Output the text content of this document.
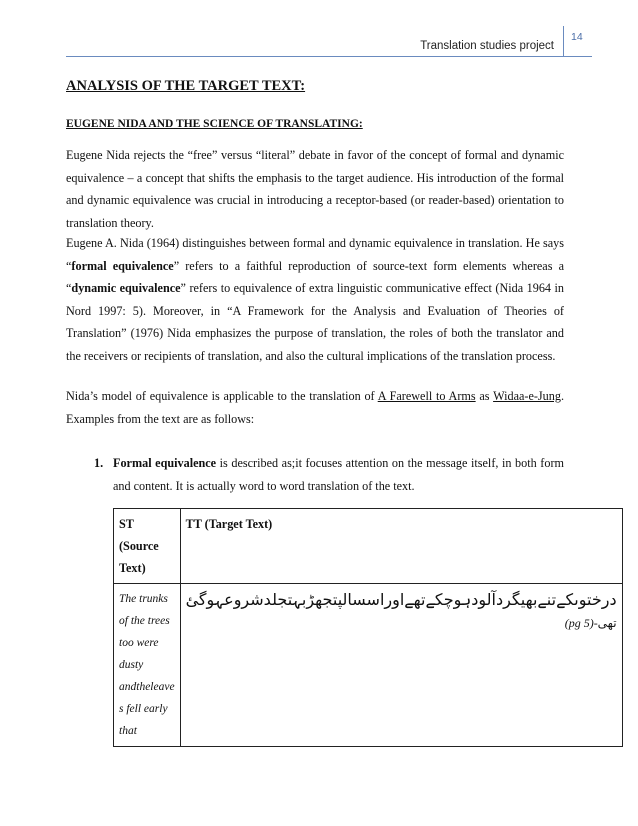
Translation studies project
14
ANALYSIS OF THE TARGET TEXT:
EUGENE NIDA AND THE SCIENCE OF TRANSLATING:
Eugene Nida rejects the “free” versus “literal” debate in favor of the concept of formal and dynamic equivalence – a concept that shifts the emphasis to the target audience. His introduction of the formal and dynamic equivalence was crucial in introducing a receptor-based (or reader-based) orientation to translation theory.
Eugene A. Nida (1964) distinguishes between formal and dynamic equivalence in translation. He says “formal equivalence” refers to a faithful reproduction of source-text form elements whereas a “dynamic equivalence” refers to equivalence of extra linguistic communicative effect (Nida 1964 in Nord 1997: 5). Moreover, in “A Framework for the Analysis and Evaluation of Theories of Translation” (1976) Nida emphasizes the purpose of translation, the roles of both the translator and the receivers or recipients of translation, and also the cultural implications of the translation process.
Nida’s model of equivalence is applicable to the translation of A Farewell to Arms as Widaa-e-Jung. Examples from the text are as follows:
1. Formal equivalence is described as;it focuses attention on the message itself, in both form and content. It is actually word to word translation of the text.
ST (Source Text)	TT (Target Text)
The trunks of the trees too were dusty andtheleave s fell early that	درختوںکےتنےبھیگردآلودہوچکےتھےاوراسسالپتجھڑبہتجلدشروعہوگئ
تھی-(pg 5)
